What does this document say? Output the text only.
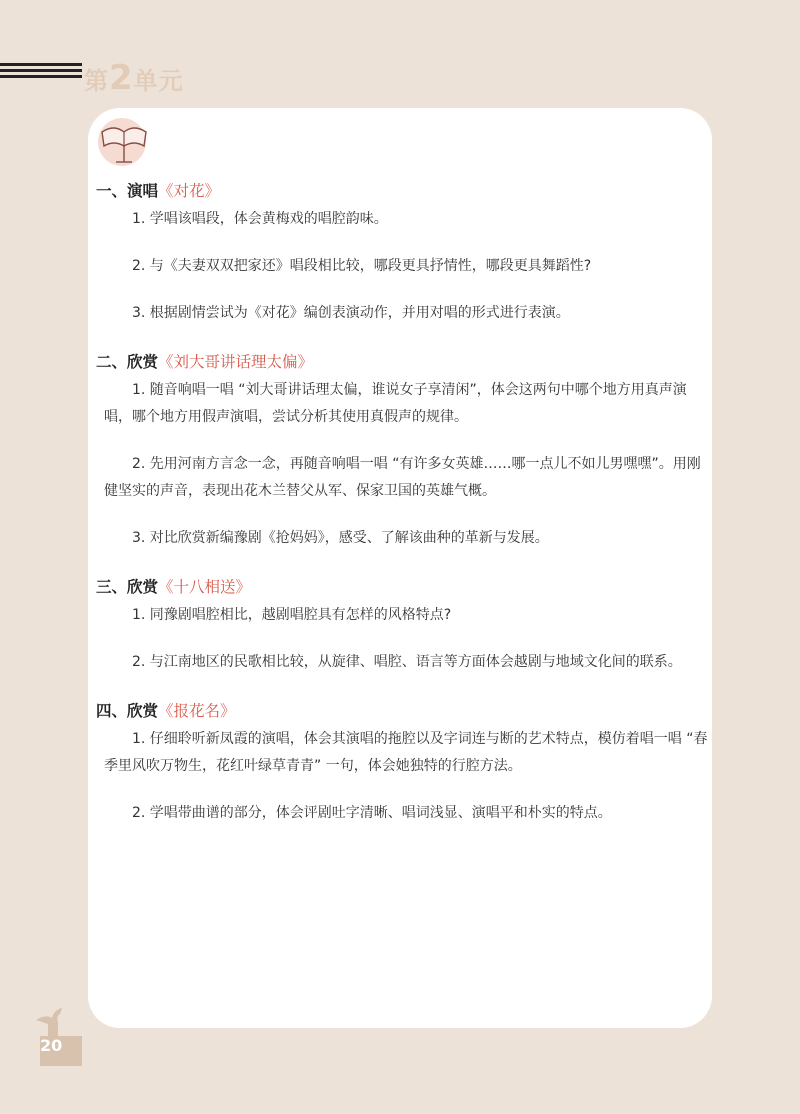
第2单元
一、演唱《对花》
1. 学唱该唱段，体会黄梅戏的唱腔韵味。
2. 与《夫妻双双把家还》唱段相比较，哪段更具抒情性，哪段更具舞蹈性?
3. 根据剧情尝试为《对花》编创表演动作，并用对唱的形式进行表演。
二、欣赏《刘大哥讲话理太偏》
1. 随音响唱一唱 “刘大哥讲话理太偏，谁说女子享清闲”，体会这两句中哪个地方用真声演唱，哪个地方用假声演唱，尝试分析其使用真假声的规律。
2. 先用河南方言念一念，再随音响唱一唱 “有许多女英雄……哪一点儿不如儿男嘿嘿”。用刚健坚实的声音，表现出花木兰替父从军、保家卫国的英雄气概。
3. 对比欣赏新编豫剧《抢妈妈》，感受、了解该曲种的革新与发展。
三、欣赏《十八相送》
1. 同豫剧唱腔相比，越剧唱腔具有怎样的风格特点?
2. 与江南地区的民歌相比较，从旋律、唱腔、语言等方面体会越剧与地域文化间的联系。
四、欣赏《报花名》
1. 仔细聆听新凤霞的演唱，体会其演唱的拖腔以及字词连与断的艺术特点，模仿着唱一唱 “春季里风吹万物生，花红叶绿草青青” 一句，体会她独特的行腔方法。
2. 学唱带曲谱的部分，体会评剧吐字清晰、唱词浅显、演唱平和朴实的特点。
20
